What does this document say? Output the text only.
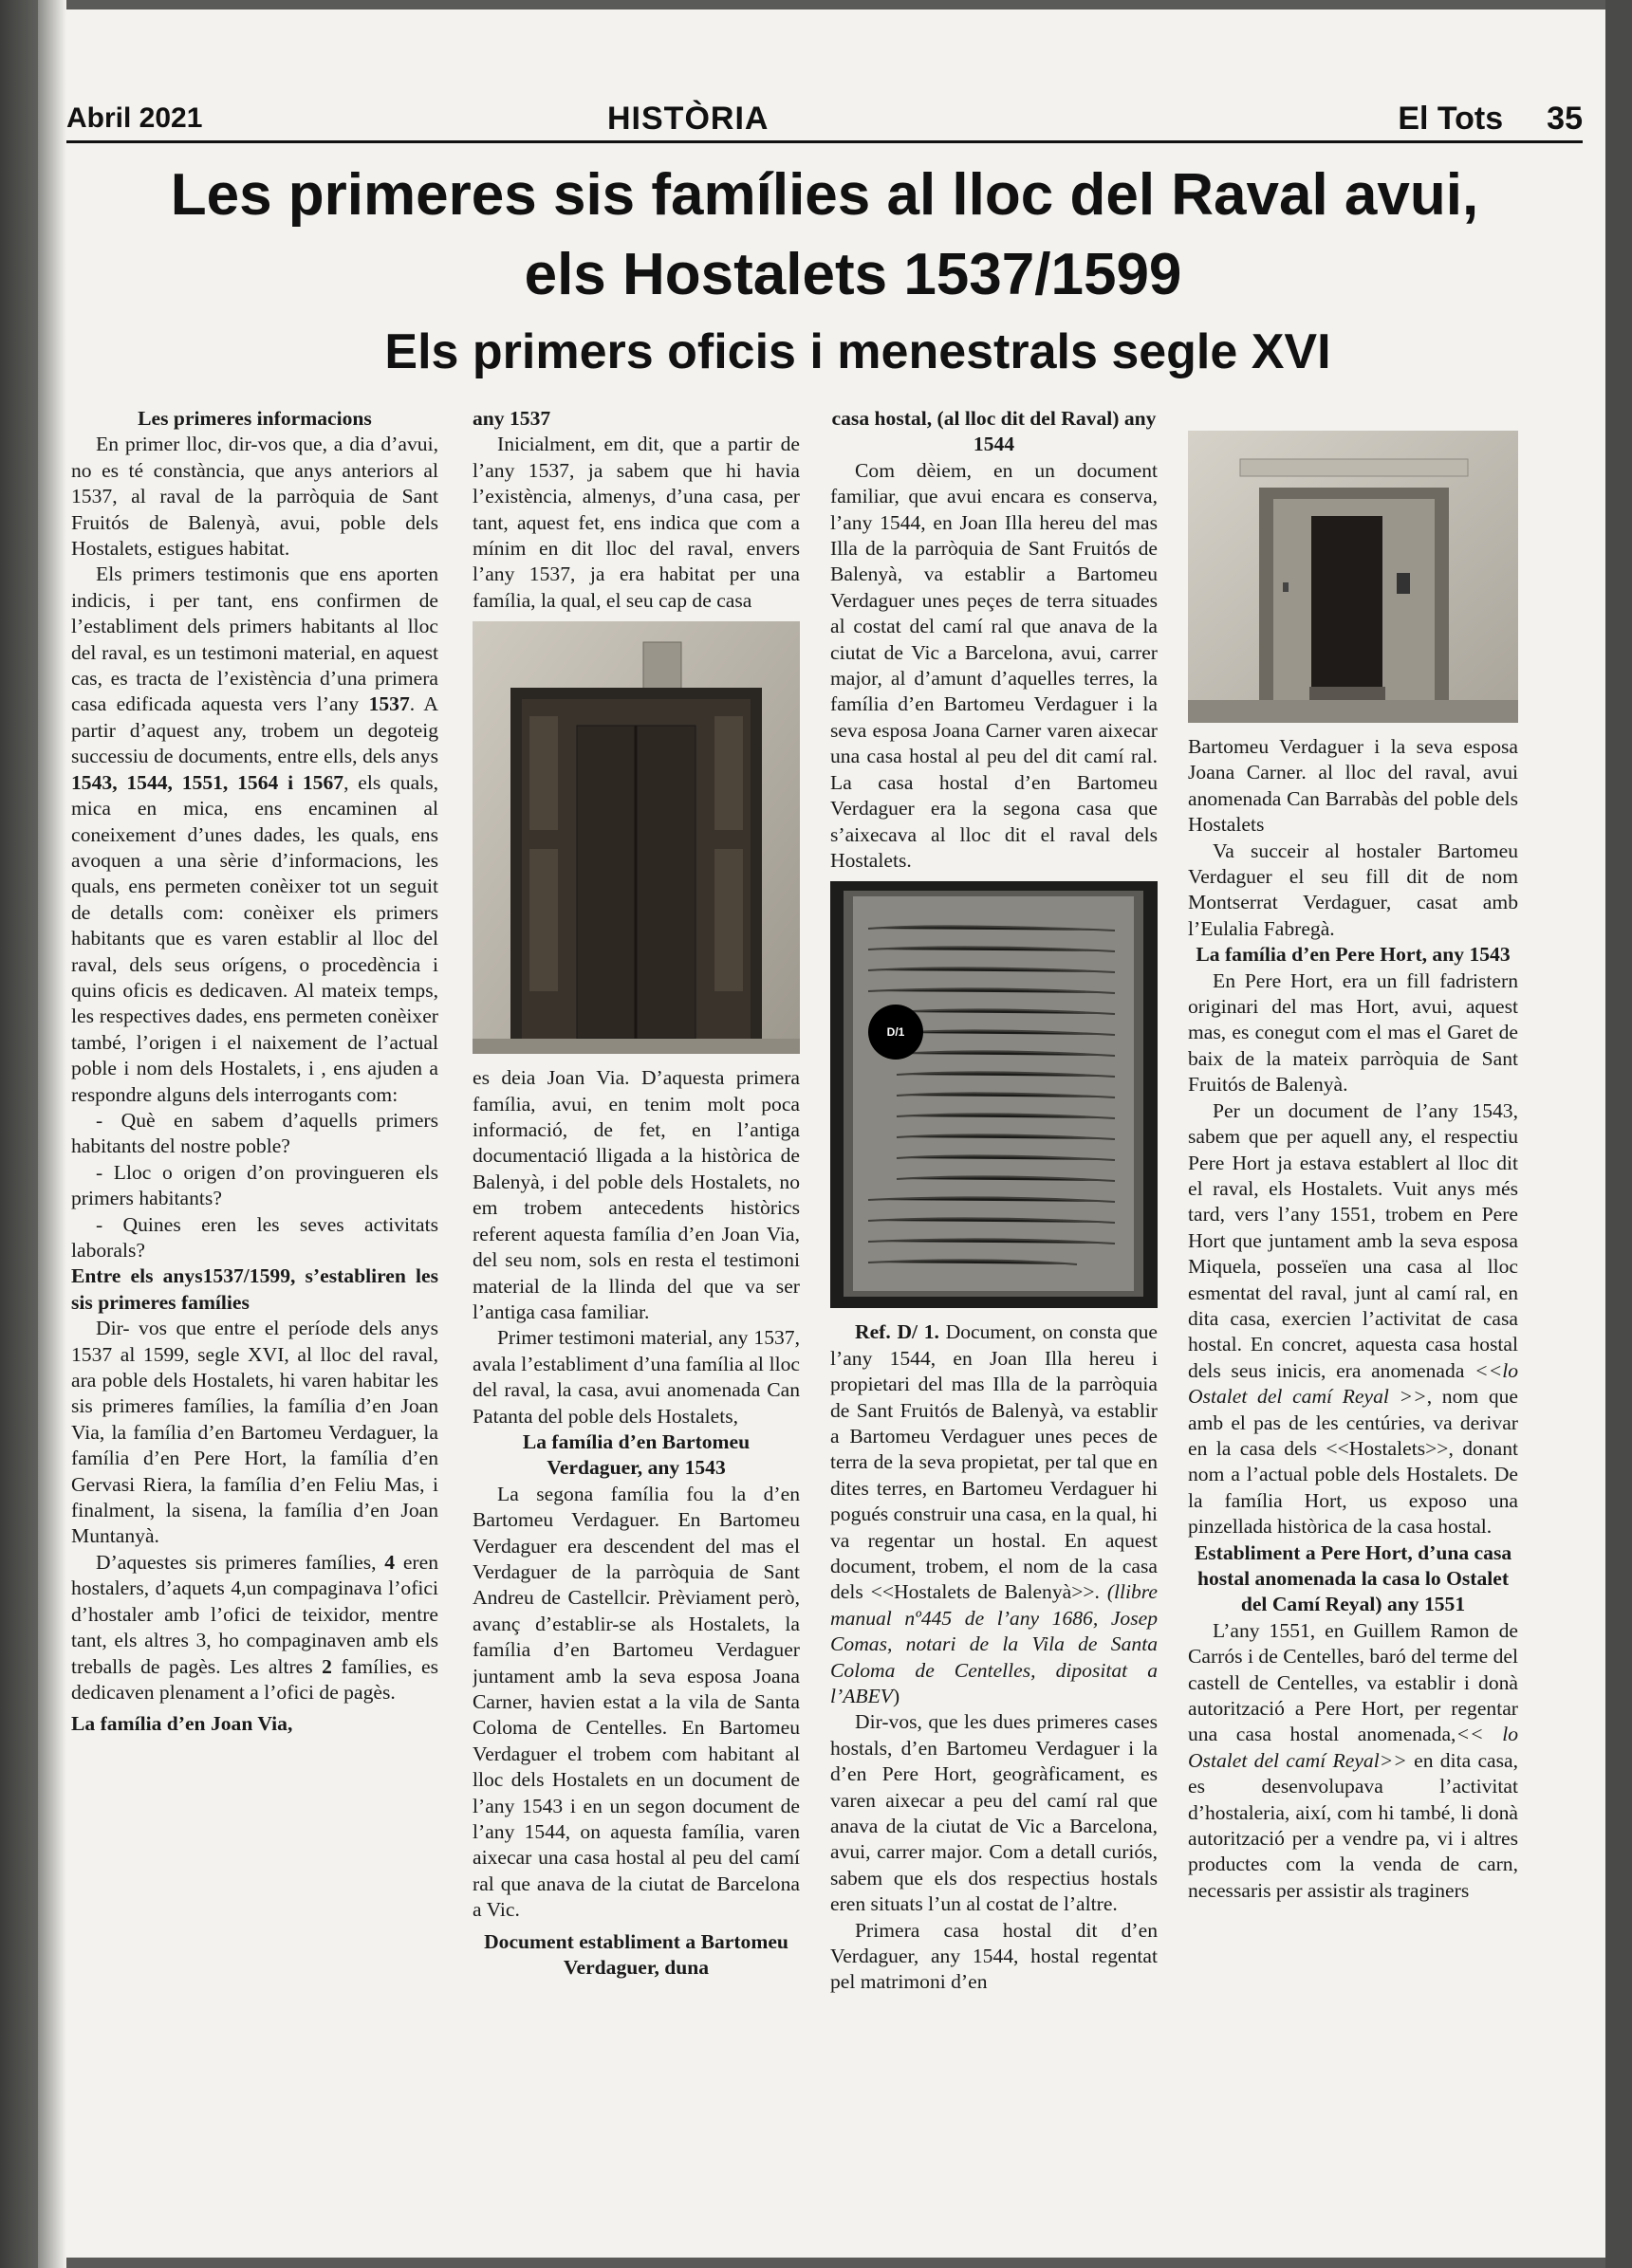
Abril 2021	HISTÒRIA	El Tots 35
Les primeres sis famílies al lloc del Raval avui,
els Hostalets 1537/1599
Els primers oficis i menestrals segle XVI

Les primeres informacions

En primer lloc, dir-vos que, a dia d’avui, no es té constància, que anys anteriors al 1537, al raval de la parròquia de Sant Fruitós de Balenyà, avui, poble dels Hostalets, estigues habitat.

Els primers testimonis que ens aporten indicis, i per tant, ens confirmen de l’establiment dels primers habitants al lloc del raval, es un testimoni material, en aquest cas, es tracta de l’existència d’una primera casa edificada aquesta vers l’any 1537. A partir d’aquest any, trobem un degoteig successiu de documents, entre ells, dels anys 1543, 1544, 1551, 1564 i 1567, els quals, mica en mica, ens encaminen al coneixement d’unes dades, les quals, ens avoquen a una sèrie d’informacions, les quals, ens permeten conèixer tot un seguit de detalls com: conèixer els primers habitants que es varen establir al lloc del raval, dels seus orígens, o procedència i quins oficis es dedicaven. Al mateix temps, les respectives dades, ens permeten conèixer també, l’origen i el naixement de l’actual poble i nom dels Hostalets, i , ens ajuden a respondre alguns dels interrogants com:

- Què en sabem d’aquells primers habitants del nostre poble?

- Lloc o origen d’on provingueren els primers habitants?

- Quines eren les seves activitats laborals?

Entre els anys1537/1599, s’establiren les sis primeres famílies

Dir- vos que entre el període dels anys 1537 al 1599, segle XVI, al lloc del raval, ara poble dels Hostalets, hi varen habitar les sis primeres famílies, la família d’en Joan Via, la família d’en Bartomeu Verdaguer, la família d’en Pere Hort, la família d’en Gervasi Riera, la família d’en Feliu Mas, i finalment, la sisena, la família d’en Joan Muntanyà.

D’aquestes sis primeres famílies, 4 eren hostalers, d’aquets 4,un compaginava l’ofici d’hostaler amb l’ofici de teixidor, mentre tant, els altres 3, ho compaginaven amb els treballs de pagès. Les altres 2 famílies, es dedicaven plenament a l’ofici de pagès.

La família d’en Joan Via,

any 1537

Inicialment, em dit, que a partir de l’any 1537, ja sabem que hi havia l’existència, almenys, d’una casa, per tant, aquest fet, ens indica que com a mínim en dit lloc del raval, envers l’any 1537, ja era habitat per una família, la qual, el seu cap de casa

es deia Joan Via. D’aquesta primera família, avui, en tenim molt poca informació, de fet, en l’antiga documentació lligada a la històrica de Balenyà, i del poble dels Hostalets, no em trobem antecedents històrics referent aquesta família d’en Joan Via, del seu nom, sols en resta el testimoni material de la llinda del que va ser l’antiga casa familiar.

Primer testimoni material, any 1537, avala l’establiment d’una família al lloc del raval, la casa, avui anomenada Can Patanta del poble dels Hostalets,

La família d’en Bartomeu Verdaguer, any 1543

La segona família fou la d’en Bartomeu Verdaguer. En Bartomeu Verdaguer era descendent del mas el Verdaguer de la parròquia de Sant Andreu de Castellcir. Prèviament però, avanç d’establir-se als Hostalets, la família d’en Bartomeu Verdaguer juntament amb la seva esposa Joana Carner, havien estat a la vila de Santa Coloma de Centelles. En Bartomeu Verdaguer el trobem com habitant al lloc dels Hostalets en un document de l’any 1543 i en un segon document de l’any 1544, on aquesta família, varen aixecar una casa hostal al peu del camí ral que anava de la ciutat de Barcelona a Vic.

Document establiment a Bartomeu Verdaguer, duna

casa hostal, (al lloc dit del Raval) any 1544

Com dèiem, en un document familiar, que avui encara es conserva, l’any 1544, en Joan Illa hereu del mas Illa de la parròquia de Sant Fruitós de Balenyà, va establir a Bartomeu Verdaguer unes peçes de terra situades al costat del camí ral que anava de la ciutat de Vic a Barcelona, avui, carrer major, al d’amunt d’aquelles terres, la família d’en Bartomeu Verdaguer i la seva esposa Joana Carner varen aixecar una casa hostal al peu del dit camí ral. La casa hostal d’en Bartomeu Verdaguer era la segona casa que s’aixecava al lloc dit el raval dels Hostalets.

D/1

Ref. D/ 1. Document, on consta que l’any 1544, en Joan Illa hereu i propietari del mas Illa de la parròquia de Sant Fruitós de Balenyà, va establir a Bartomeu Verdaguer unes peces de terra de la seva propietat, per tal que en dites terres, en Bartomeu Verdaguer hi pogués construir una casa, en la qual, hi va regentar un hostal. En aquest document, trobem, el nom de la casa dels <<Hostalets de Balenyà>>. (llibre manual nº445 de l’any 1686, Josep Comas, notari de la Vila de Santa Coloma de Centelles, dipositat a l’ABEV)

Dir-vos, que les dues primeres cases hostals, d’en Bartomeu Verdaguer i la d’en Pere Hort, geogràficament, es varen aixecar a peu del camí ral que anava de la ciutat de Vic a Barcelona, avui, carrer major. Com a detall curiós, sabem que els dos respectius hostals eren situats l’un al costat de l’altre.

Primera casa hostal dit d’en Verdaguer, any 1544, hostal regentat pel matrimoni d’en

Bartomeu Verdaguer i la seva esposa Joana Carner. al lloc del raval, avui anomenada Can Barrabàs del poble dels Hostalets

Va succeir al hostaler Bartomeu Verdaguer el seu fill dit de nom Montserrat Verdaguer, casat amb l’Eulalia Fabregà.

La família d’en Pere Hort, any 1543

En Pere Hort, era un fill fadristern originari del mas Hort, avui, aquest mas, es conegut com el mas el Garet de baix de la mateix parròquia de Sant Fruitós de Balenyà.

Per un document de l’any 1543, sabem que per aquell any, el respectiu Pere Hort ja estava establert al lloc dit el raval, els Hostalets. Vuit anys més tard, vers l’any 1551, trobem en Pere Hort que juntament amb la seva esposa Miquela, posseïen una casa al lloc esmentat del raval, junt al camí ral, en dita casa, exercien l’activitat de casa hostal. En concret, aquesta casa hostal dels seus inicis, era anomenada <<lo Ostalet del camí Reyal >>, nom que amb el pas de les centúries, va derivar en la casa dels <<Hostalets>>, donant nom a l’actual poble dels Hostalets. De la família Hort, us exposo una pinzellada històrica de la casa hostal.

Establiment a Pere Hort, d’una casa hostal anomenada la casa lo Ostalet del Camí Reyal) any 1551

L’any 1551, en Guillem Ramon de Carrós i de Centelles, baró del terme del castell de Centelles, va establir i donà autorització a Pere Hort, per regentar una casa hostal anomenada,<< lo Ostalet del camí Reyal>> en dita casa, es desenvolupava l’activitat d’hostaleria, així, com hi també, li donà autorització per a vendre pa, vi i altres productes com la venda de carn, necessaris per assistir als traginers
